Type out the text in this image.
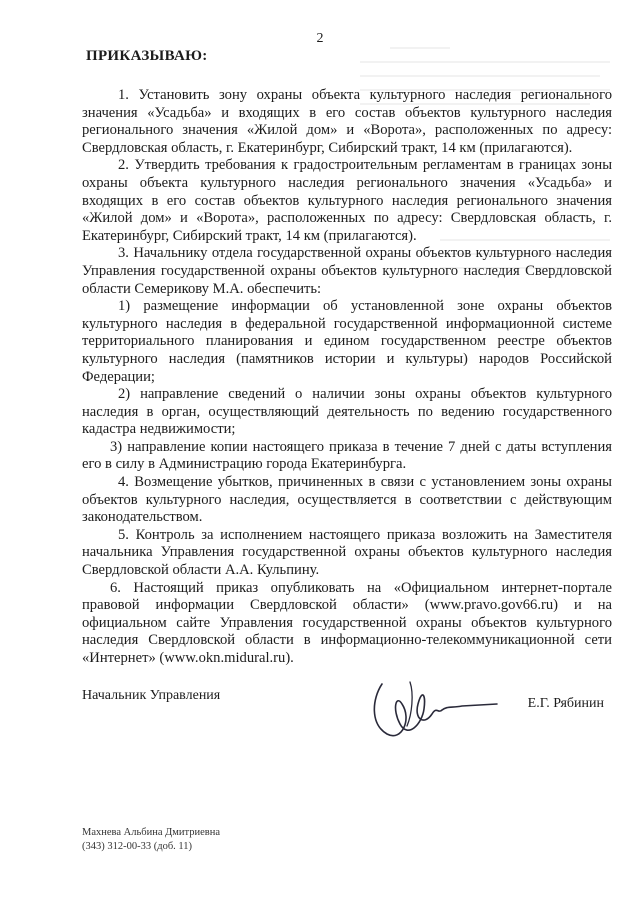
2
ПРИКАЗЫВАЮ:

1. Установить зону охраны объекта культурного наследия регионального значения «Усадьба» и входящих в его состав объектов культурного наследия регионального значения «Жилой дом» и «Ворота», расположенных по адресу: Свердловская область, г. Екатеринбург, Сибирский тракт, 14 км (прилагаются).

2. Утвердить требования к градостроительным регламентам в границах зоны охраны объекта культурного наследия регионального значения «Усадьба» и входящих в его состав объектов культурного наследия регионального значения «Жилой дом» и «Ворота», расположенных по адресу: Свердловская область, г. Екатеринбург, Сибирский тракт, 14 км (прилагаются).

3. Начальнику отдела государственной охраны объектов культурного наследия Управления государственной охраны объектов культурного наследия Свердловской области Семерикову М.А. обеспечить:

1) размещение информации об установленной зоне охраны объектов культурного наследия в федеральной государственной информационной системе территориального планирования и едином государственном реестре объектов культурного наследия (памятников истории и культуры) народов Российской Федерации;

2) направление сведений о наличии зоны охраны объектов культурного наследия в орган, осуществляющий деятельность по ведению государственного кадастра недвижимости;

3) направление копии настоящего приказа в течение 7 дней с даты вступления его в силу в Администрацию города Екатеринбурга.

4. Возмещение убытков, причиненных в связи с установлением зоны охраны объектов культурного наследия, осуществляется в соответствии с действующим законодательством.

5. Контроль за исполнением настоящего приказа возложить на Заместителя начальника Управления государственной охраны объектов культурного наследия Свердловской области А.А. Кульпину.

6. Настоящий приказ опубликовать на «Официальном интернет-портале правовой информации Свердловской области» (www.pravo.gov66.ru) и на официальном сайте Управления государственной охраны объектов культурного наследия Свердловской области в информационно-телекоммуникационной сети «Интернет» (www.okn.midural.ru).

Начальник Управления
Е.Г. Рябинин
Махнева Альбина Дмитриевна
(343) 312-00-33 (доб. 11)
